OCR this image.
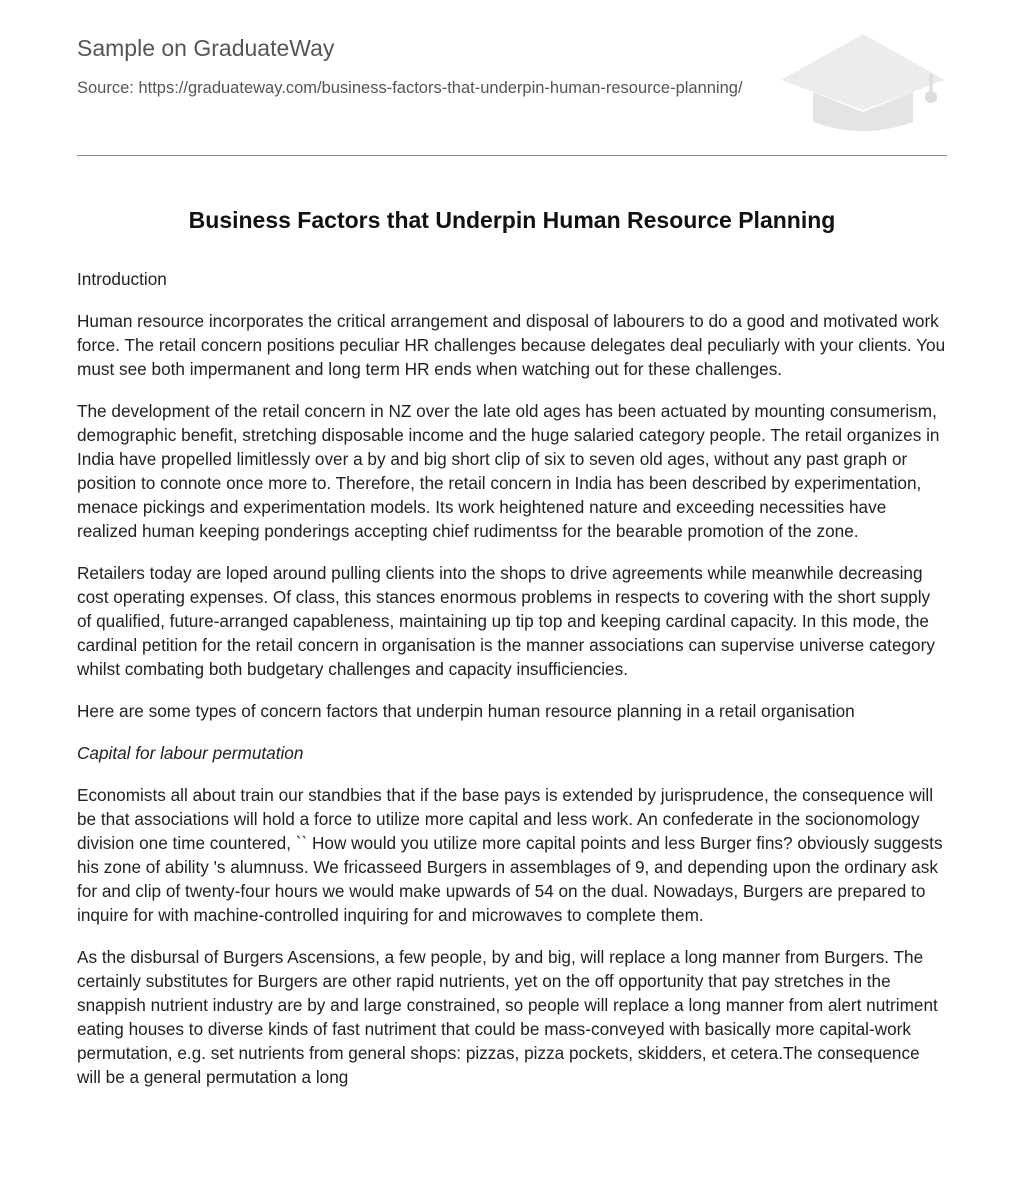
Sample on GraduateWay
Source: https://graduateway.com/business-factors-that-underpin-human-resource-planning/
Business Factors that Underpin Human Resource Planning

Introduction

Human resource incorporates the critical arrangement and disposal of labourers to do a good and motivated work force. The retail concern positions peculiar HR challenges because delegates deal peculiarly with your clients. You must see both impermanent and long term HR ends when watching out for these challenges.

The development of the retail concern in NZ over the late old ages has been actuated by mounting consumerism, demographic benefit, stretching disposable income and the huge salaried category people. The retail organizes in India have propelled limitlessly over a by and big short clip of six to seven old ages, without any past graph or position to connote once more to. Therefore, the retail concern in India has been described by experimentation, menace pickings and experimentation models. Its work heightened nature and exceeding necessities have realized human keeping ponderings accepting chief rudimentss for the bearable promotion of the zone.

Retailers today are loped around pulling clients into the shops to drive agreements while meanwhile decreasing cost operating expenses. Of class, this stances enormous problems in respects to covering with the short supply of qualified, future-arranged capableness, maintaining up tip top and keeping cardinal capacity. In this mode, the cardinal petition for the retail concern in organisation is the manner associations can supervise universe category whilst combating both budgetary challenges and capacity insufficiencies.

Here are some types of concern factors that underpin human resource planning in a retail organisation

Capital for labour permutation

Economists all about train our standbies that if the base pays is extended by jurisprudence, the consequence will be that associations will hold a force to utilize more capital and less work. An confederate in the socionomology division one time countered, `` How would you utilize more capital points and less Burger fins? obviously suggests his zone of ability 's alumnuss. We fricasseed Burgers in assemblages of 9, and depending upon the ordinary ask for and clip of twenty-four hours we would make upwards of 54 on the dual. Nowadays, Burgers are prepared to inquire for with machine-controlled inquiring for and microwaves to complete them.

As the disbursal of Burgers Ascensions, a few people, by and big, will replace a long manner from Burgers. The certainly substitutes for Burgers are other rapid nutrients, yet on the off opportunity that pay stretches in the snappish nutrient industry are by and large constrained, so people will replace a long manner from alert nutriment eating houses to diverse kinds of fast nutriment that could be mass-conveyed with basically more capital-work permutation, e.g. set nutrients from general shops: pizzas, pizza pockets, skidders, et cetera.The consequence will be a general permutation a long
